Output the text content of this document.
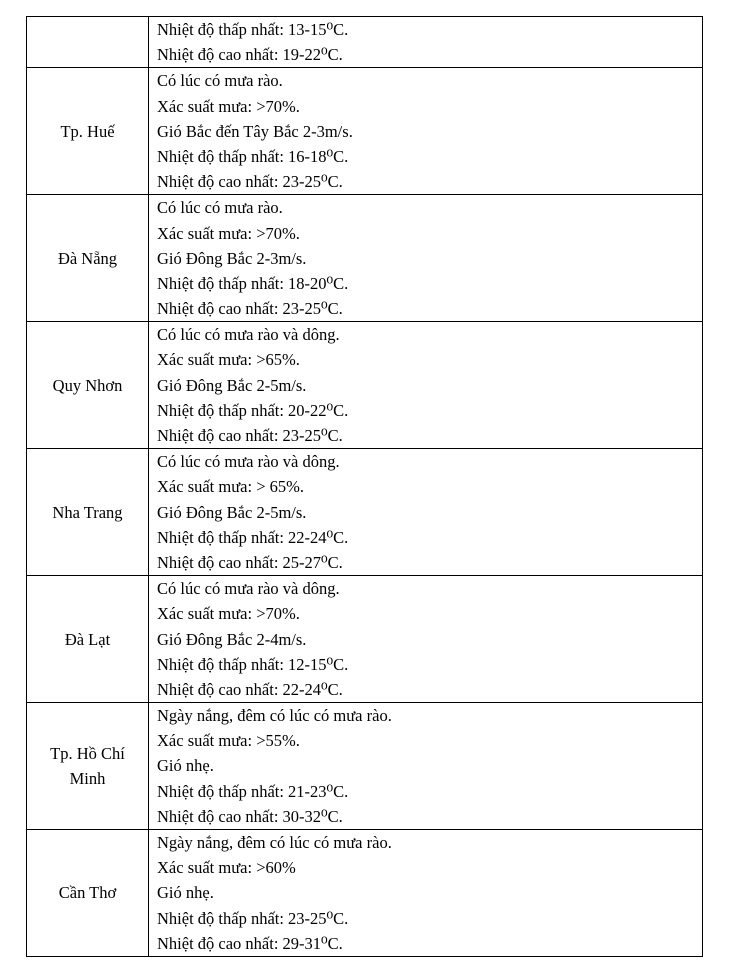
	Nhiệt độ thấp nhất: 13-15⁰C.
Nhiệt độ cao nhất: 19-22⁰C.

Tp. Huế	Có lúc có mưa rào.
Xác suất mưa: >70%.
Gió Bắc đến Tây Bắc 2-3m/s.
Nhiệt độ thấp nhất: 16-18⁰C.
Nhiệt độ cao nhất: 23-25⁰C.

Đà Nẵng	Có lúc có mưa rào.
Xác suất mưa: >70%.
Gió Đông Bắc 2-3m/s.
Nhiệt độ thấp nhất: 18-20⁰C.
Nhiệt độ cao nhất: 23-25⁰C.

Quy Nhơn	Có lúc có mưa rào và dông.
Xác suất mưa: >65%.
Gió Đông Bắc 2-5m/s.
Nhiệt độ thấp nhất: 20-22⁰C.
Nhiệt độ cao nhất: 23-25⁰C.

Nha Trang	Có lúc có mưa rào và dông.
Xác suất mưa: > 65%.
Gió Đông Bắc 2-5m/s.
Nhiệt độ thấp nhất: 22-24⁰C.
Nhiệt độ cao nhất: 25-27⁰C.

Đà Lạt	Có lúc có mưa rào và dông.
Xác suất mưa: >70%.
Gió Đông Bắc 2-4m/s.
Nhiệt độ thấp nhất: 12-15⁰C.
Nhiệt độ cao nhất: 22-24⁰C.

Tp. Hồ Chí Minh	Ngày nắng, đêm có lúc có mưa rào.
Xác suất mưa: >55%.
Gió nhẹ.
Nhiệt độ thấp nhất: 21-23⁰C.
Nhiệt độ cao nhất: 30-32⁰C.

Cần Thơ	Ngày nắng, đêm có lúc có mưa rào.
Xác suất mưa: >60%
Gió nhẹ.
Nhiệt độ thấp nhất: 23-25⁰C.
Nhiệt độ cao nhất: 29-31⁰C.
